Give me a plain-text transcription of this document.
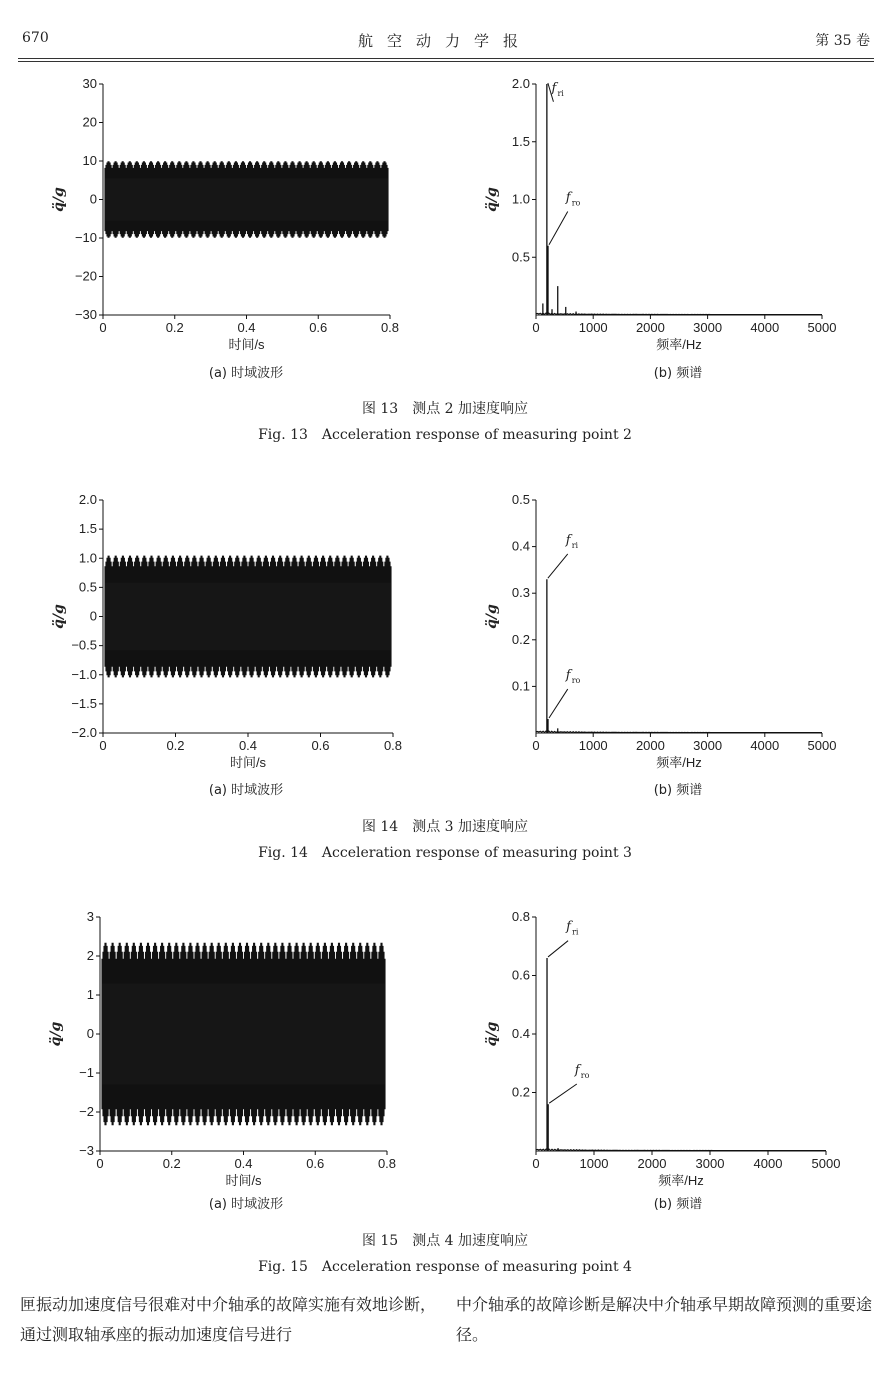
670	航空动力学报	第 35 卷
0	0.2	0.4	0.6	0.8
−30
−20
−10
0
10
20
30
时间/s
q̈/g
0	1000 2000 3000 4000 5000
0.5
1.0
1.5
2.0
频率/Hz
q̈/g
f ri
f ro
(a) 时域波形	(b) 频谱
图 13　测点 2 加速度响应
Fig. 13　Acceleration response of measuring point 2
0	0.2	0.4	0.6	0.8
−2.0
−1.5
−1.0
−0.5
0
0.5
1.0
1.5
2.0
时间/s
q̈/g
0	1000 2000 3000 4000 5000
0.1
0.2
0.3
0.4
0.5
频率/Hz
q̈/g
f ri
f ro
(a) 时域波形	(b) 频谱
图 14　测点 3 加速度响应
Fig. 14　Acceleration response of measuring point 3
0	0.2	0.4	0.6	0.8
−3
−2
−1
0
1
2
3
时间/s
q̈/g
0	1000 2000 3000 4000 5000
0.2
0.4
0.6
0.8
频率/Hz
q̈/g
f ri
f ro
(a) 时域波形	(b) 频谱
图 15　测点 4 加速度响应
Fig. 15　Acceleration response of measuring point 4
匣振动加速度信号很难对中介轴承的故障实施有效地诊断，通过测取轴承座的振动加速度信号进行
中介轴承的故障诊断是解决中介轴承早期故障预测的重要途径。
